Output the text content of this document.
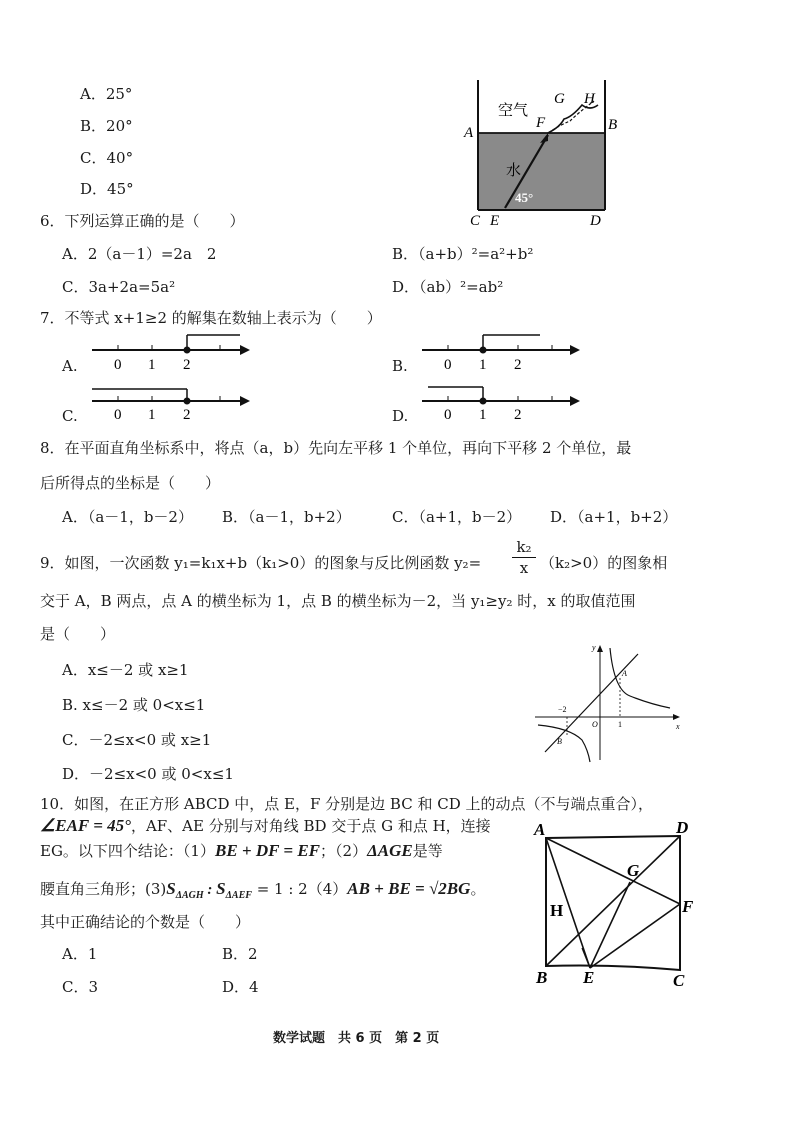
A．25°
B．20°
C．40°
D．45°
空气
水
45°
A	B
C E	D
F
G H
6．下列运算正确的是（　　）
A．2（a－1）=2a　2	B．（a+b）²=a²+b²
C．3a+2a=5a²	D．（ab）²=ab²
7．不等式 x+1≥2 的解集在数轴上表示为（　　）
A. 0 1 2	B. 0 1 2
C. 0 1 2	D. 0 1 2
8．在平面直角坐标系中，将点（a，b）先向左平移 1 个单位，再向下平移 2 个单位，最
后所得点的坐标是（　　）
A．（a－1，b－2） B．（a－1，b+2）	C．（a+1，b－2） D．（a+1，b+2）
9．如图，一次函数 y₁=k₁x+b（k₁>0）的图象与反比例函数 $y_2= \frac{\text{k₂}}{x} (k_2>0)$的图象相
交于 A，B 两点，点 A 的横坐标为 1，点 B 的横坐标为－2，当 y₁≥y₂ 时，x 的取值范围
是（　　）
A．x≤－2 或 x≥1
B. x≤－2 或 0<x≤1
C．－2≤x<0 或 x≥1
D．－2≤x<0 或 0<x≤1
y
x
O
A
B
−2
1
10．如图，在正方形 ABCD 中，点 E，F 分别是边 BC 和 CD 上的动点（不与端点重合），
∠EAF = 45°，AF、AE 分别与对角线 BD 交于点 G 和点 H，连接
EG。以下四个结论：（1）BE + DF = EF；（2）ΔAGE是等
腰直角三角形；$(3)S_{\Delta AGH}$ : $S_{\Delta AEF} = 1$ : 2（4）AB + BE = √2BG。
其中正确结论的个数是（　　）
A．1	B．2
C．3	D．4
A	D
B E	C
F
G
H
数学试题　共 6 页　第 2 页
